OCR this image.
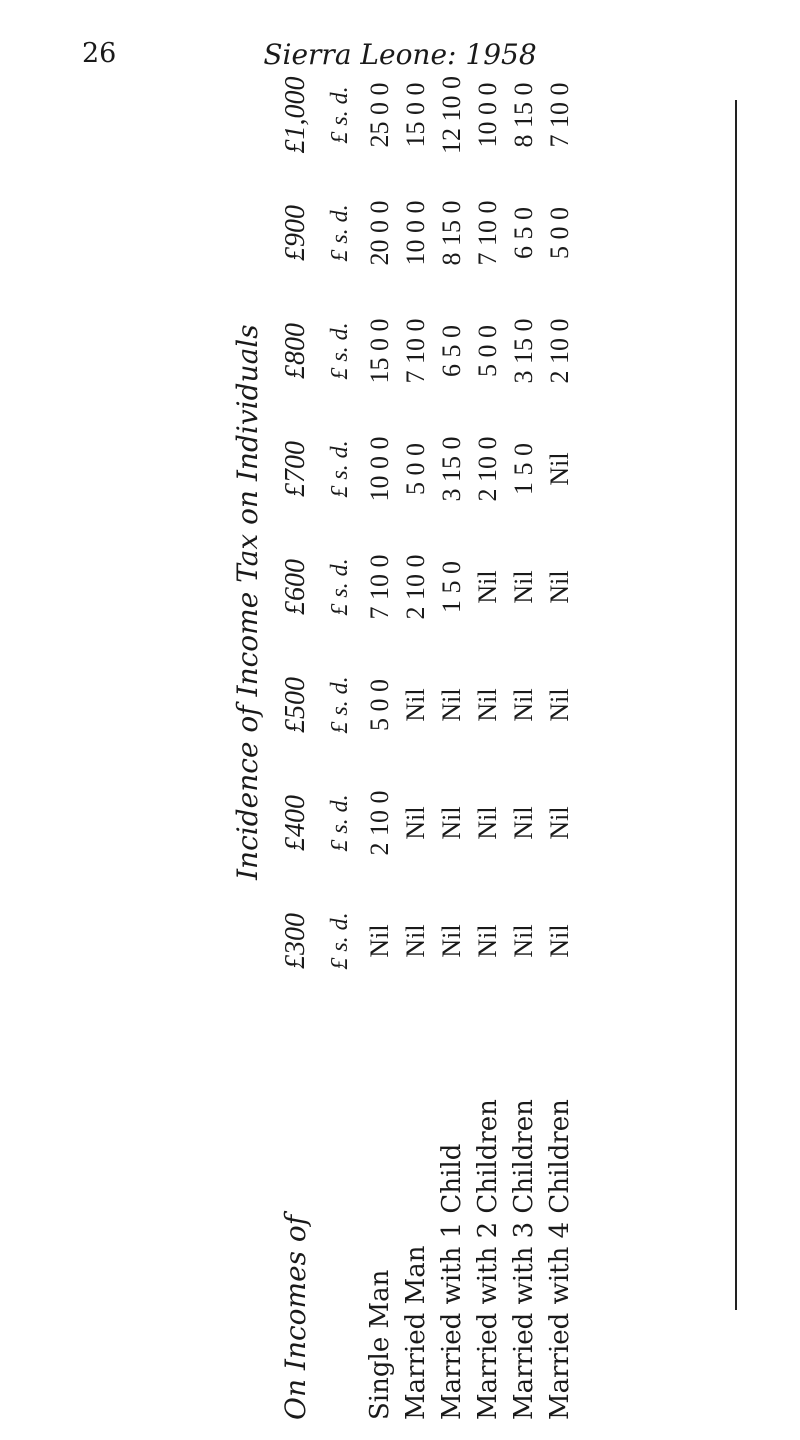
26	Sierra Leone: 1958
Incidence of Income Tax on Individuals
On Incomes of
£300
£400
£500
£600
£700
£800
£900
£1,000
£ s. d.
£ s. d.
£ s. d.
£ s. d.
£ s. d.
£ s. d.
£ s. d.
£ s. d.
Single Man
Nil
2 10 0
5 0 0
7 10 0
10 0 0
15 0 0
20 0 0
25 0 0
Married Man
Nil
Nil
Nil
2 10 0
5 0 0
7 10 0
10 0 0
15 0 0
Married with 1 Child
Nil
Nil
Nil
1 5 0
3 15 0
6 5 0
8 15 0
12 10 0
Married with 2 Children
Nil
Nil
Nil
Nil
2 10 0
5 0 0
7 10 0
10 0 0
Married with 3 Children
Nil
Nil
Nil
Nil
1 5 0
3 15 0
6 5 0
8 15 0
Married with 4 Children
Nil
Nil
Nil
Nil
Nil
2 10 0
5 0 0
7 10 0
